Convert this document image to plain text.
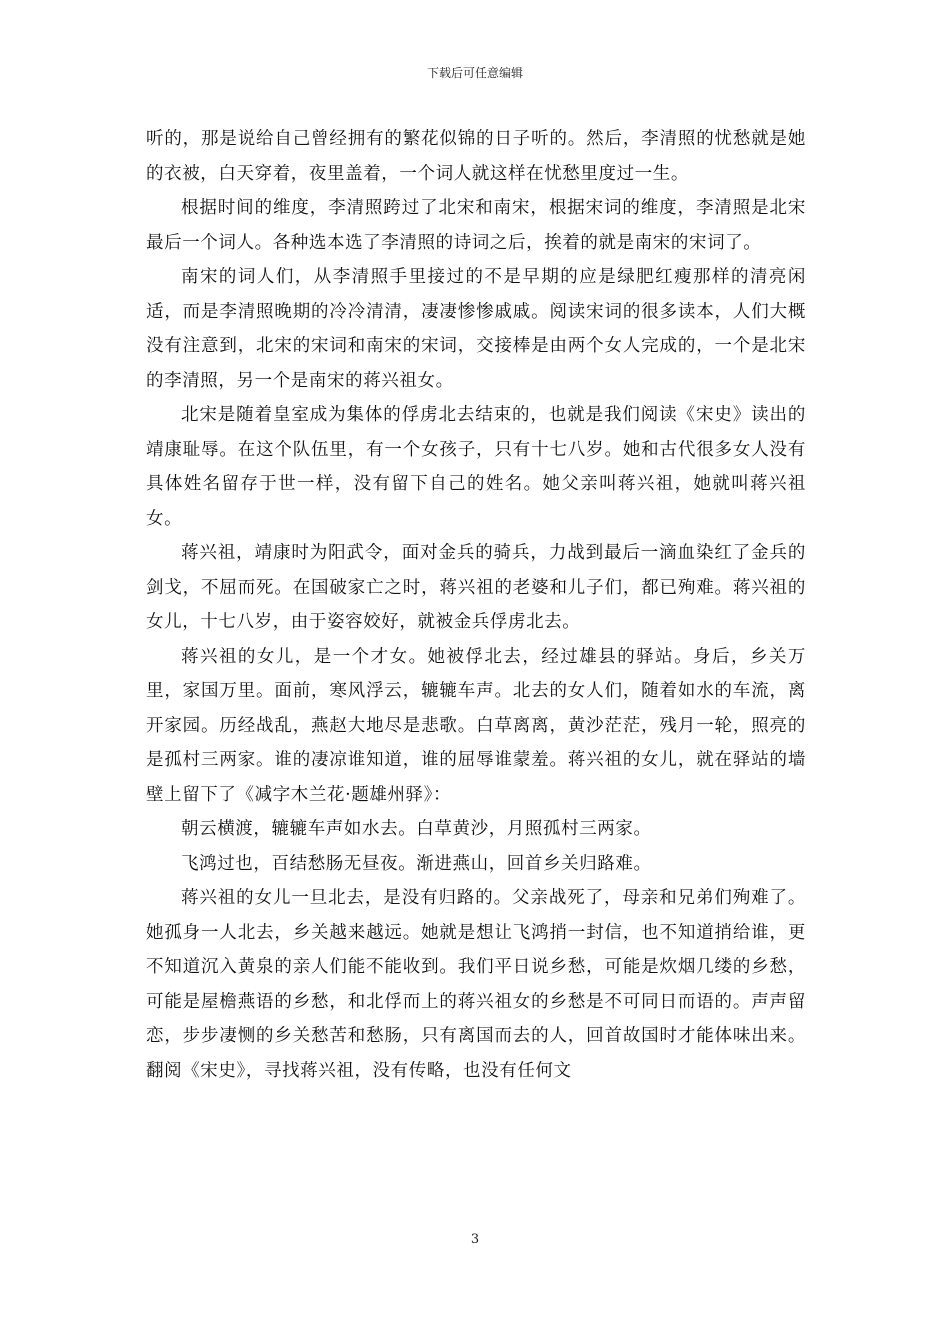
下载后可任意编辑

听的，那是说给自己曾经拥有的繁花似锦的日子听的。然后，李清照的忧愁就是她的衣被，白天穿着，夜里盖着，一个词人就这样在忧愁里度过一生。

根据时间的维度，李清照跨过了北宋和南宋，根据宋词的维度，李清照是北宋最后一个词人。各种选本选了李清照的诗词之后，挨着的就是南宋的宋词了。

南宋的词人们，从李清照手里接过的不是早期的应是绿肥红瘦那样的清亮闲适，而是李清照晚期的冷冷清清，凄凄惨惨戚戚。阅读宋词的很多读本，人们大概没有注意到，北宋的宋词和南宋的宋词，交接棒是由两个女人完成的，一个是北宋的李清照，另一个是南宋的蒋兴祖女。

北宋是随着皇室成为集体的俘虏北去结束的，也就是我们阅读《宋史》读出的靖康耻辱。在这个队伍里，有一个女孩子，只有十七八岁。她和古代很多女人没有具体姓名留存于世一样，没有留下自己的姓名。她父亲叫蒋兴祖，她就叫蒋兴祖女。

蒋兴祖，靖康时为阳武令，面对金兵的骑兵，力战到最后一滴血染红了金兵的剑戈，不屈而死。在国破家亡之时，蒋兴祖的老婆和儿子们，都已殉难。蒋兴祖的女儿，十七八岁，由于姿容姣好，就被金兵俘虏北去。

蒋兴祖的女儿，是一个才女。她被俘北去，经过雄县的驿站。身后，乡关万里，家国万里。面前，寒风浮云，辘辘车声。北去的女人们，随着如水的车流，离开家园。历经战乱，燕赵大地尽是悲歌。白草离离，黄沙茫茫，残月一轮，照亮的是孤村三两家。谁的凄凉谁知道，谁的屈辱谁蒙羞。蒋兴祖的女儿，就在驿站的墙壁上留下了《减字木兰花·题雄州驿》：

朝云横渡，辘辘车声如水去。白草黄沙，月照孤村三两家。

飞鸿过也，百结愁肠无昼夜。渐进燕山，回首乡关归路难。

蒋兴祖的女儿一旦北去，是没有归路的。父亲战死了，母亲和兄弟们殉难了。她孤身一人北去，乡关越来越远。她就是想让飞鸿捎一封信，也不知道捎给谁，更不知道沉入黄泉的亲人们能不能收到。我们平日说乡愁，可能是炊烟几缕的乡愁，可能是屋檐燕语的乡愁，和北俘而上的蒋兴祖女的乡愁是不可同日而语的。声声留恋，步步凄恻的乡关愁苦和愁肠，只有离国而去的人，回首故国时才能体味出来。翻阅《宋史》，寻找蒋兴祖，没有传略，也没有任何文

3
